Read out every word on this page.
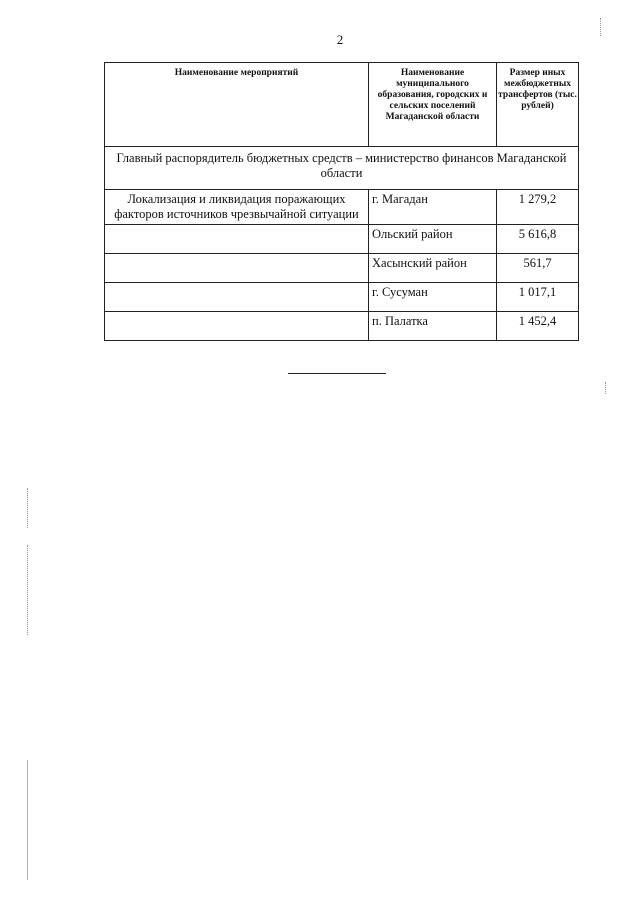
2
Наименование мероприятий	Наименование муниципального образования, городских и сельских поселений Магаданской области	Размер иных межбюджетных трансфертов (тыс. рублей)
Главный распорядитель бюджетных средств – министерство финансов Магаданской области		
Локализация и ликвидация поражающих факторов источников чрезвычайной ситуации	г. Магадан	1 279,2
	Ольский район	5 616,8
	Хасынский район	561,7
	г. Сусуман	1 017,1
	п. Палатка	1 452,4
